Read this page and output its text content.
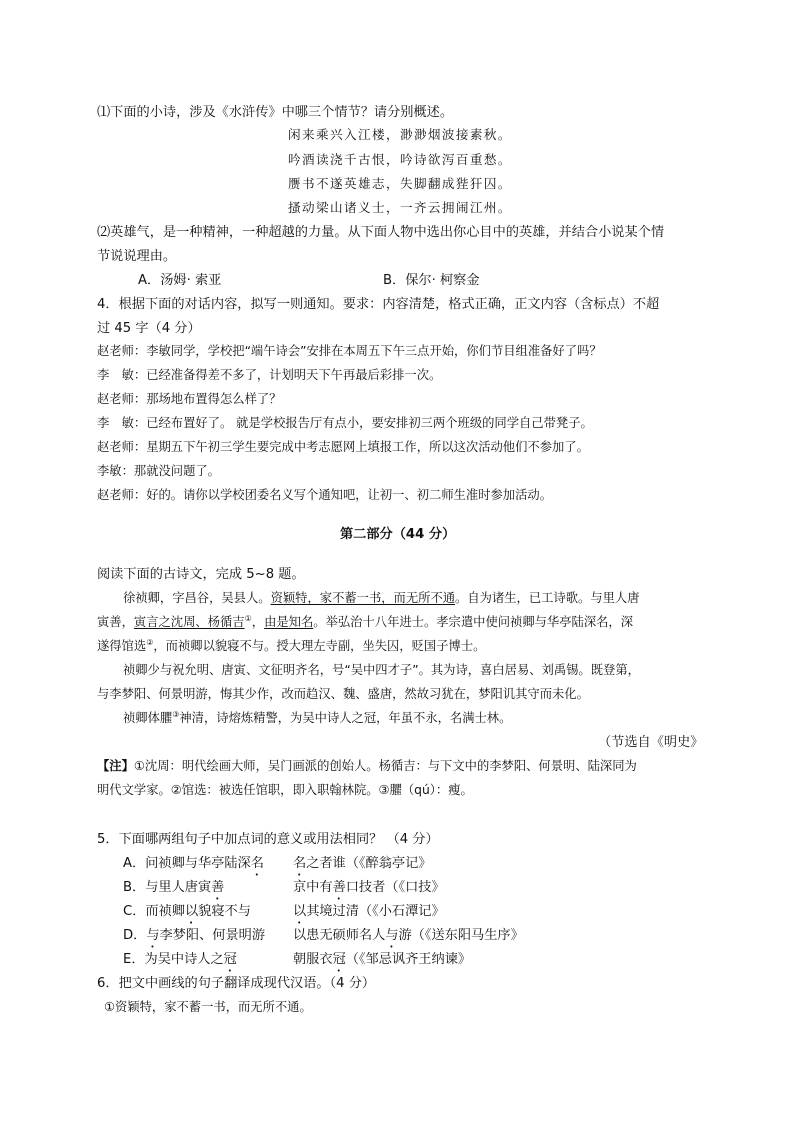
⑴下面的小诗，涉及《水浒传》中哪三个情节？请分别概述。
闲来乘兴入江楼，渺渺烟波接素秋。
吟酒读浇千古恨，吟诗欲泻百重愁。
赝书不遂英雄志，失脚翻成狴犴囚。
搔动梁山诸义士，一齐云拥闹江州。
⑵英雄气，是一种精神，一种超越的力量。从下面人物中选出你心目中的英雄，并结合小说某个情
节说说理由。
A．汤姆· 索亚	B．保尔· 柯察金
4．根据下面的对话内容，拟写一则通知。要求：内容清楚，格式正确，正文内容（含标点）不超
过 45 字（4 分）
赵老师：李敏同学，学校把“端午诗会”安排在本周五下午三点开始，你们节目组准备好了吗？
李　敏：已经准备得差不多了，计划明天下午再最后彩排一次。
赵老师：那场地布置得怎么样了？
李　敏：已经布置好了。 就是学校报告厅有点小，要安排初三两个班级的同学自己带凳子。
赵老师：星期五下午初三学生要完成中考志愿网上填报工作，所以这次活动他们不参加了。
李敏：那就没问题了。
赵老师：好的。请你以学校团委名义写个通知吧，让初一、初二师生准时参加活动。
第二部分（44 分）
阅读下面的古诗文，完成 5~8 题。
徐祯卿，字昌谷，吴县人。资颖特，家不蓄一书，而无所不通。自为诸生，已工诗歌。与里人唐
寅善，寅言之沈周、杨循吉①，由是知名。举弘治十八年进士。孝宗遣中使问祯卿与华亭陆深名，深
遂得馆选②，而祯卿以貌寝不与。授大理左寺副，坐失囚，贬国子博士。
祯卿少与祝允明、唐寅、文征明齐名，号“吴中四才子”。其为诗，喜白居易、刘禹锡。既登第，
与李梦阳、何景明游，悔其少作，改而趋汉、魏、盛唐，然故习犹在，梦阳讥其守而未化。
祯卿体臞③神清，诗熔炼精警，为吴中诗人之冠，年虽不永，名满士林。
（节选自《明史》
【注】①沈周：明代绘画大师，吴门画派的创始人。杨循吉：与下文中的李梦阳、何景明、陆深同为
明代文学家。②馆选：被选任馆职，即入职翰林院。③臞（qú）：瘦。
5．下面哪两组句子中加点词的意义或用法相同？ （4 分）
A．问祯卿与华亭陆深名 名之者谁（《醉翁亭记》
B．与里人唐寅善	京中有善口技者（《口技》
C．而祯卿以貌寝不与	以其境过清（《小石潭记》
D．与李梦阳、何景明游 以患无硕师名人与游（《送东阳马生序》
E．为吴中诗人之冠	朝服衣冠（《邹忌讽齐王纳谏》
6．把文中画线的句子翻译成现代汉语。（4 分）
①资颖特，家不蓄一书，而无所不通。
